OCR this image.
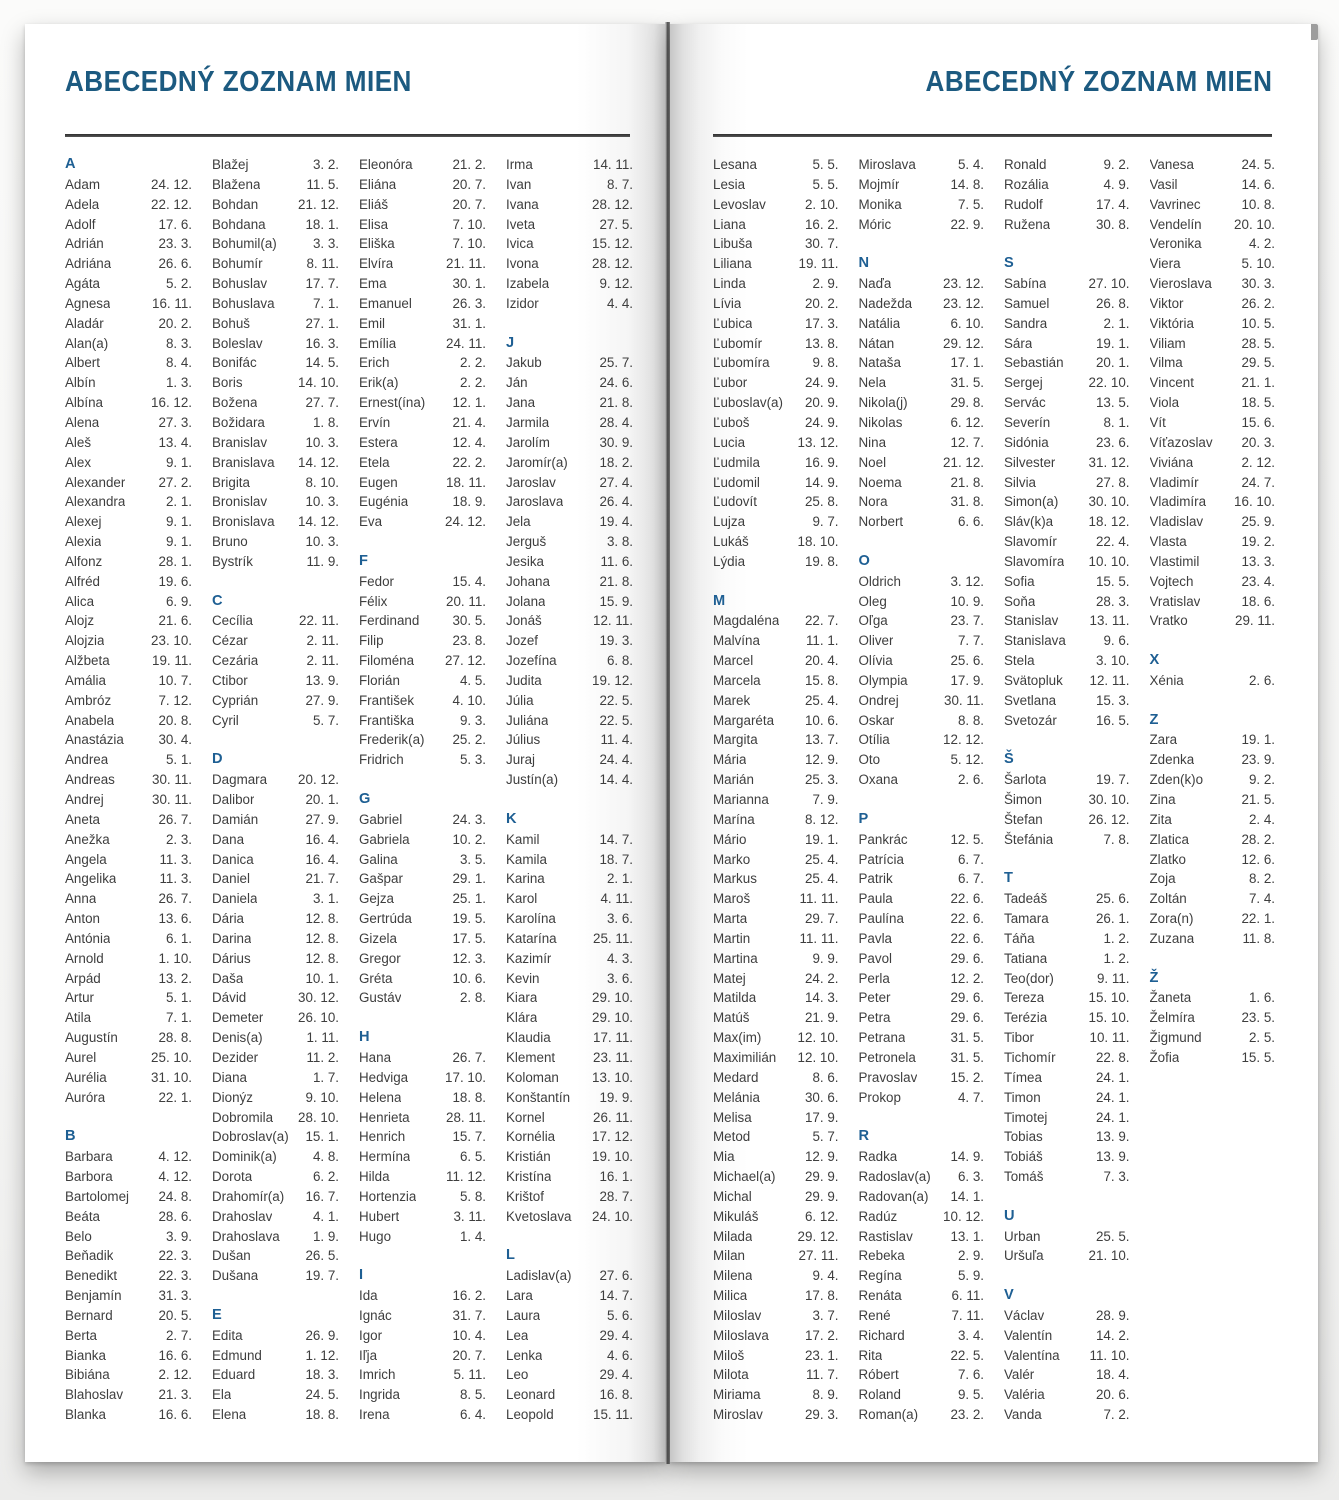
ABECEDNÝ ZOZNAM MIEN
A
Adam	24. 12.
Adela	22. 12.
Adolf	17. 6.
Adrián	23. 3.
Adriána	26. 6.
Agáta	5. 2.
Agnesa	16. 11.
Aladár	20. 2.
Alan(a)	8. 3.
Albert	8. 4.
Albín	1. 3.
Albína	16. 12.
Alena	27. 3.
Aleš	13. 4.
Alex	9. 1.
Alexander 27. 2.
Alexandra	2. 1.
Alexej	9. 1.
Alexia	9. 1.
Alfonz	28. 1.
Alfréd	19. 6.
Alica	6. 9.
Alojz	21. 6.
Alojzia	23. 10.
Alžbeta	19. 11.
Amália	10. 7.
Ambróz	7. 12.
Anabela	20. 8.
Anastázia	30. 4.
Andrea	5. 1.
Andreas	30. 11.
Andrej	30. 11.
Aneta	26. 7.
Anežka	2. 3.
Angela	11. 3.
Angelika	11. 3.
Anna	26. 7.
Anton	13. 6.
Antónia	6. 1.
Arnold	1. 10.
Arpád	13. 2.
Artur	5. 1.
Atila	7. 1.
Augustín	28. 8.
Aurel	25. 10.
Aurélia	31. 10.
Auróra	22. 1.
B
Barbara	4. 12.
Barbora	4. 12.
Bartolomej 24. 8.
Beáta	28. 6.
Belo	3. 9.
Beňadik	22. 3.
Benedikt	22. 3.
Benjamín	31. 3.
Bernard	20. 5.
Berta	2. 7.
Bianka	16. 6.
Bibiána	2. 12.
Blahoslav	21. 3.
Blanka	16. 6.
Blažej	3. 2.
Blažena	11. 5.
Bohdan	21. 12.
Bohdana	18. 1.
Bohumil(a)	3. 3.
Bohumír	8. 11.
Bohuslav	17. 7.
Bohuslava	7. 1.
Bohuš	27. 1.
Boleslav	16. 3.
Bonifác	14. 5.
Boris	14. 10.
Božena	27. 7.
Božidara	1. 8.
Branislav	10. 3.
Branislava 14. 12.
Brigita	8. 10.
Bronislav	10. 3.
Bronislava 14. 12.
Bruno	10. 3.
Bystrík	11. 9.
C
Cecília	22. 11.
Cézar	2. 11.
Cezária	2. 11.
Ctibor	13. 9.
Cyprián	27. 9.
Cyril	5. 7.
D
Dagmara 20. 12.
Dalibor	20. 1.
Damián	27. 9.
Dana	16. 4.
Danica	16. 4.
Daniel	21. 7.
Daniela	3. 1.
Dária	12. 8.
Darina	12. 8.
Dárius	12. 8.
Daša	10. 1.
Dávid	30. 12.
Demeter	26. 10.
Denis(a)	1. 11.
Dezider	11. 2.
Diana	1. 7.
Dionýz	9. 10.
Dobromila 28. 10.
Dobroslav(a) 15. 1.
Dominik(a)	4. 8.
Dorota	6. 2.
Drahomír(a) 16. 7.
Drahoslav	4. 1.
Drahoslava 1. 9.
Dušan	26. 5.
Dušana	19. 7.
E
Edita	26. 9.
Edmund	1. 12.
Eduard	18. 3.
Ela	24. 5.
Elena	18. 8.
Eleonóra	21. 2.
Eliána	20. 7.
Eliáš	20. 7.
Elisa	7. 10.
Eliška	7. 10.
Elvíra	21. 11.
Ema	30. 1.
Emanuel	26. 3.
Emil	31. 1.
Emília	24. 11.
Erich	2. 2.
Erik(a)	2. 2.
Ernest(ína) 12. 1.
Ervín	21. 4.
Estera	12. 4.
Etela	22. 2.
Eugen	18. 11.
Eugénia	18. 9.
Eva	24. 12.
F
Fedor	15. 4.
Félix	20. 11.
Ferdinand 30. 5.
Filip	23. 8.
Filoména 27. 12.
Florián	4. 5.
František	4. 10.
Františka	9. 3.
Frederik(a) 25. 2.
Fridrich	5. 3.
G
Gabriel	24. 3.
Gabriela	10. 2.
Galina	3. 5.
Gašpar	29. 1.
Gejza	25. 1.
Gertrúda	19. 5.
Gizela	17. 5.
Gregor	12. 3.
Gréta	10. 6.
Gustáv	2. 8.
H
Hana	26. 7.
Hedviga	17. 10.
Helena	18. 8.
Henrieta	28. 11.
Henrich	15. 7.
Hermína	6. 5.
Hilda	11. 12.
Hortenzia	5. 8.
Hubert	3. 11.
Hugo	1. 4.
I
Ida	16. 2.
Ignác	31. 7.
Igor	10. 4.
Iľja	20. 7.
Imrich	5. 11.
Ingrida	8. 5.
Irena	6. 4.
Irma	14. 11.
Ivan	8. 7.
Ivana	28. 12.
Iveta	27. 5.
Ivica	15. 12.
Ivona	28. 12.
Izabela	9. 12.
Izidor	4. 4.
J
Jakub	25. 7.
Ján	24. 6.
Jana	21. 8.
Jarmila	28. 4.
Jarolím	30. 9.
Jaromír(a) 18. 2.
Jaroslav	27. 4.
Jaroslava	26. 4.
Jela	19. 4.
Jerguš	3. 8.
Jesika	11. 6.
Johana	21. 8.
Jolana	15. 9.
Jonáš	12. 11.
Jozef	19. 3.
Jozefína	6. 8.
Judita	19. 12.
Júlia	22. 5.
Juliána	22. 5.
Július	11. 4.
Juraj	24. 4.
Justín(a)	14. 4.
K
Kamil	14. 7.
Kamila	18. 7.
Karina	2. 1.
Karol	4. 11.
Karolína	3. 6.
Katarína	25. 11.
Kazimír	4. 3.
Kevin	3. 6.
Kiara	29. 10.
Klára	29. 10.
Klaudia	17. 11.
Klement	23. 11.
Koloman 13. 10.
Konštantín 19. 9.
Kornel	26. 11.
Kornélia	17. 12.
Kristián	19. 10.
Kristína	16. 1.
Krištof	28. 7.
Kvetoslava 24. 10.
L
Ladislav(a) 27. 6.
Lara	14. 7.
Laura	5. 6.
Lea	29. 4.
Lenka	4. 6.
Leo	29. 4.
Leonard	16. 8.
Leopold	15. 11.
ABECEDNÝ ZOZNAM MIEN
Lesana	5. 5.
Lesia	5. 5.
Levoslav	2. 10.
Liana	16. 2.
Libuša	30. 7.
Liliana	19. 11.
Linda	2. 9.
Lívia	20. 2.
Ľubica	17. 3.
Ľubomír	13. 8.
Ľubomíra	9. 8.
Ľubor	24. 9.
Ľuboslav(a) 20. 9.
Ľuboš	24. 9.
Lucia	13. 12.
Ľudmila	16. 9.
Ľudomil	14. 9.
Ľudovít	25. 8.
Lujza	9. 7.
Lukáš	18. 10.
Lýdia	19. 8.
M
Magdaléna 22. 7.
Malvína	11. 1.
Marcel	20. 4.
Marcela	15. 8.
Marek	25. 4.
Margaréta 10. 6.
Margita	13. 7.
Mária	12. 9.
Marián	25. 3.
Marianna	7. 9.
Marína	8. 12.
Mário	19. 1.
Marko	25. 4.
Markus	25. 4.
Maroš	11. 11.
Marta	29. 7.
Martin	11. 11.
Martina	9. 9.
Matej	24. 2.
Matilda	14. 3.
Matúš	21. 9.
Max(im)	12. 10.
Maximilián 12. 10.
Medard	8. 6.
Melánia	30. 6.
Melisa	17. 9.
Metod	5. 7.
Mia	12. 9.
Michael(a) 29. 9.
Michal	29. 9.
Mikuláš	6. 12.
Milada	29. 12.
Milan	27. 11.
Milena	9. 4.
Milica	17. 8.
Miloslav	3. 7.
Miloslava	17. 2.
Miloš	23. 1.
Milota	11. 7.
Miriama	8. 9.
Miroslav	29. 3.
Miroslava	5. 4.
Mojmír	14. 8.
Monika	7. 5.
Móric	22. 9.
N
Naďa	23. 12.
Nadežda 23. 12.
Natália	6. 10.
Nátan	29. 12.
Nataša	17. 1.
Nela	31. 5.
Nikola(j)	29. 8.
Nikolas	6. 12.
Nina	12. 7.
Noel	21. 12.
Noema	21. 8.
Nora	31. 8.
Norbert	6. 6.
O
Oldrich	3. 12.
Oleg	10. 9.
Oľga	23. 7.
Oliver	7. 7.
Olívia	25. 6.
Olympia	17. 9.
Ondrej	30. 11.
Oskar	8. 8.
Otília	12. 12.
Oto	5. 12.
Oxana	2. 6.
P
Pankrác	12. 5.
Patrícia	6. 7.
Patrik	6. 7.
Paula	22. 6.
Paulína	22. 6.
Pavla	22. 6.
Pavol	29. 6.
Perla	12. 2.
Peter	29. 6.
Petra	29. 6.
Petrana	31. 5.
Petronela	31. 5.
Pravoslav 15. 2.
Prokop	4. 7.
R
Radka	14. 9.
Radoslav(a) 6. 3.
Radovan(a) 14. 1.
Radúz	10. 12.
Rastislav	13. 1.
Rebeka	2. 9.
Regína	5. 9.
Renáta	6. 11.
René	7. 11.
Richard	3. 4.
Rita	22. 5.
Róbert	7. 6.
Roland	9. 5.
Roman(a) 23. 2.
Ronald	9. 2.
Rozália	4. 9.
Rudolf	17. 4.
Ružena	30. 8.
S
Sabína	27. 10.
Samuel	26. 8.
Sandra	2. 1.
Sára	19. 1.
Sebastián 20. 1.
Sergej	22. 10.
Servác	13. 5.
Severín	8. 1.
Sidónia	23. 6.
Silvester 31. 12.
Silvia	27. 8.
Simon(a) 30. 10.
Sláv(k)a	18. 12.
Slavomír	22. 4.
Slavomíra 10. 10.
Sofia	15. 5.
Soňa	28. 3.
Stanislav 13. 11.
Stanislava	9. 6.
Stela	3. 10.
Svätopluk 12. 11.
Svetlana	15. 3.
Svetozár	16. 5.
Š
Šarlota	19. 7.
Šimon	30. 10.
Štefan	26. 12.
Štefánia	7. 8.
T
Tadeáš	25. 6.
Tamara	26. 1.
Táňa	1. 2.
Tatiana	1. 2.
Teo(dor)	9. 11.
Tereza	15. 10.
Terézia	15. 10.
Tibor	10. 11.
Tichomír	22. 8.
Tímea	24. 1.
Timon	24. 1.
Timotej	24. 1.
Tobias	13. 9.
Tobiáš	13. 9.
Tomáš	7. 3.
U
Urban	25. 5.
Uršuľa	21. 10.
V
Václav	28. 9.
Valentín	14. 2.
Valentína 11. 10.
Valér	18. 4.
Valéria	20. 6.
Vanda	7. 2.
Vanesa	24. 5.
Vasil	14. 6.
Vavrinec	10. 8.
Vendelín 20. 10.
Veronika	4. 2.
Viera	5. 10.
Vieroslava 30. 3.
Viktor	26. 2.
Viktória	10. 5.
Viliam	28. 5.
Vilma	29. 5.
Vincent	21. 1.
Viola	18. 5.
Vít	15. 6.
Víťazoslav 20. 3.
Viviána	2. 12.
Vladimír	24. 7.
Vladimíra 16. 10.
Vladislav	25. 9.
Vlasta	19. 2.
Vlastimil	13. 3.
Vojtech	23. 4.
Vratislav	18. 6.
Vratko	29. 11.
X
Xénia	2. 6.
Z
Zara	19. 1.
Zdenka	23. 9.
Zden(k)o	9. 2.
Zina	21. 5.
Zita	2. 4.
Zlatica	28. 2.
Zlatko	12. 6.
Zoja	8. 2.
Zoltán	7. 4.
Zora(n)	22. 1.
Zuzana	11. 8.
Ž
Žaneta	1. 6.
Želmíra	23. 5.
Žigmund	2. 5.
Žofia	15. 5.
